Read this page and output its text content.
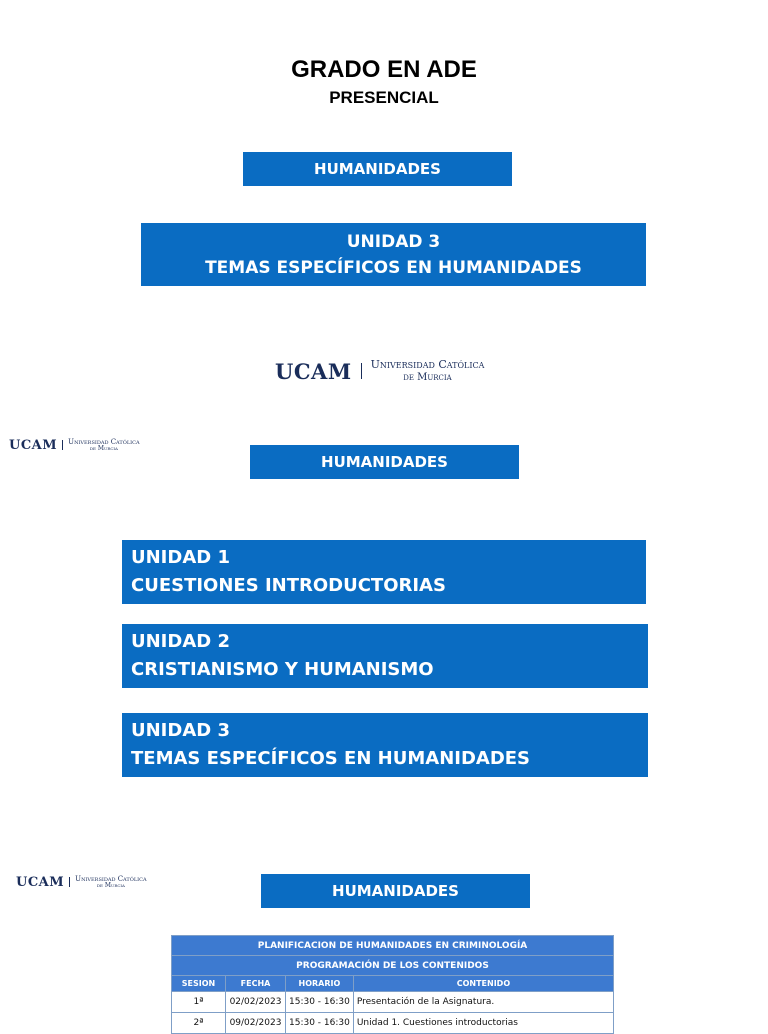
GRADO EN ADE
PRESENCIAL
HUMANIDADES
UNIDAD 3
TEMAS ESPECÍFICOS EN HUMANIDADES
UCAM Universidad Católica
de Murcia
UCAM Universidad Católica
de Murcia
HUMANIDADES
UNIDAD 1
CUESTIONES INTRODUCTORIAS
UNIDAD 2
CRISTIANISMO Y HUMANISMO
UNIDAD 3
TEMAS ESPECÍFICOS EN HUMANIDADES
UCAM Universidad Católica
de Murcia	HUMANIDADES
PLANIFICACION DE HUMANIDADES EN CRIMINOLOGÍA			
PROGRAMACIÓN DE LOS CONTENIDOS			
SESION	FECHA	HORARIO	CONTENIDO
1ª	02/02/2023	15:30 - 16:30	Presentación de la Asignatura.
2ª	09/02/2023	15:30 - 16:30	Unidad 1. Cuestiones introductorias
